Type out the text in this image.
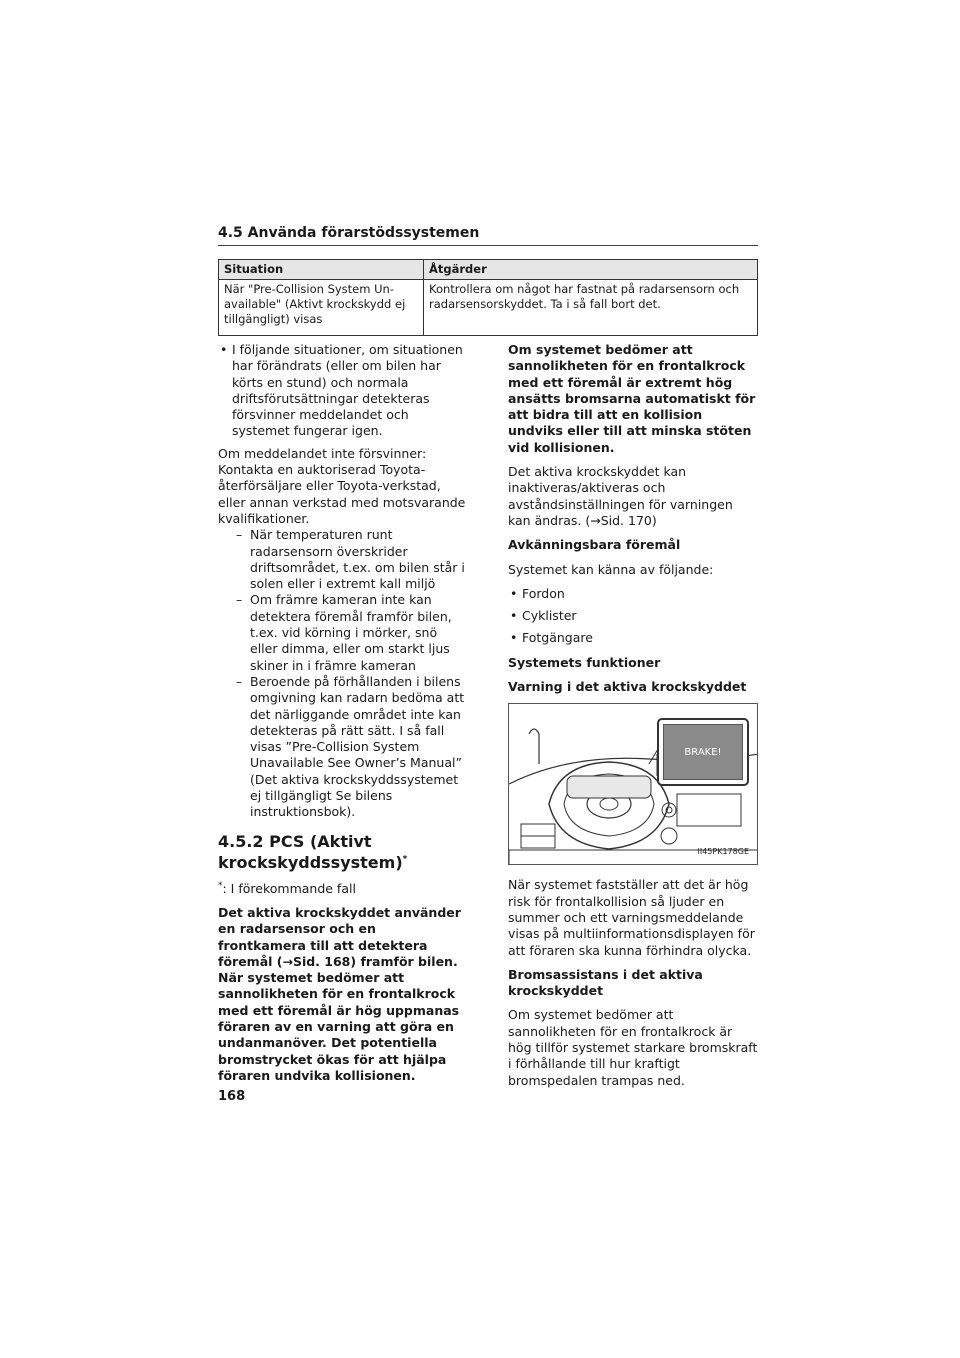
4.5 Använda förarstödssystemen
Situation	Åtgärder
När "Pre-Collision System Unavailable" (Aktivt krockskydd ej tillgängligt) visas	Kontrollera om något har fastnat på radarsensorn och radarsensorskyddet. Ta i så fall bort det.
• I följande situationer, om situationen har förändrats (eller om bilen har körts en stund) och normala driftsförutsättningar detekteras försvinner meddelandet och systemet fungerar igen.
Om meddelandet inte försvinner: Kontakta en auktoriserad Toyota-återförsäljare eller Toyota-verkstad, eller annan verkstad med motsvarande kvalifikationer.
– När temperaturen runt radarsensorn överskrider driftsområdet, t.ex. om bilen står i solen eller i extremt kall miljö
– Om främre kameran inte kan detektera föremål framför bilen, t.ex. vid körning i mörker, snö eller dimma, eller om starkt ljus skiner in i främre kameran
– Beroende på förhållanden i bilens omgivning kan radarn bedöma att det närliggande området inte kan detekteras på rätt sätt. I så fall visas ”Pre-Collision System Unavailable See Owner’s Manual” (Det aktiva krockskyddssystemet ej tillgängligt Se bilens instruktionsbok).
4.5.2 PCS (Aktivt krockskyddssystem)*
*: I förekommande fall
Det aktiva krockskyddet använder en radarsensor och en frontkamera till att detektera föremål (→Sid. 168) framför bilen. När systemet bedömer att sannolikheten för en frontalkrock med ett föremål är hög uppmanas föraren av en varning att göra en undanmanöver. Det potentiella bromstrycket ökas för att hjälpa föraren undvika kollisionen.
Om systemet bedömer att sannolikheten för en frontalkrock med ett föremål är extremt hög ansätts bromsarna automatiskt för att bidra till att en kollision undviks eller till att minska stöten vid kollisionen.
Det aktiva krockskyddet kan inaktiveras/aktiveras och avståndsinställningen för varningen kan ändras. (→Sid. 170)
Avkänningsbara föremål
Systemet kan känna av följande:
• Fordon
• Cyklister
• Fotgängare
Systemets funktioner
Varning i det aktiva krockskyddet
BRAKE!
II45PK178GE
När systemet fastställer att det är hög risk för frontalkollision så ljuder en summer och ett varningsmeddelande visas på multiinformationsdisplayen för att föraren ska kunna förhindra olycka.
Bromsassistans i det aktiva krockskyddet
Om systemet bedömer att sannolikheten för en frontalkrock är hög tillför systemet starkare bromskraft i förhållande till hur kraftigt bromspedalen trampas ned.
168
